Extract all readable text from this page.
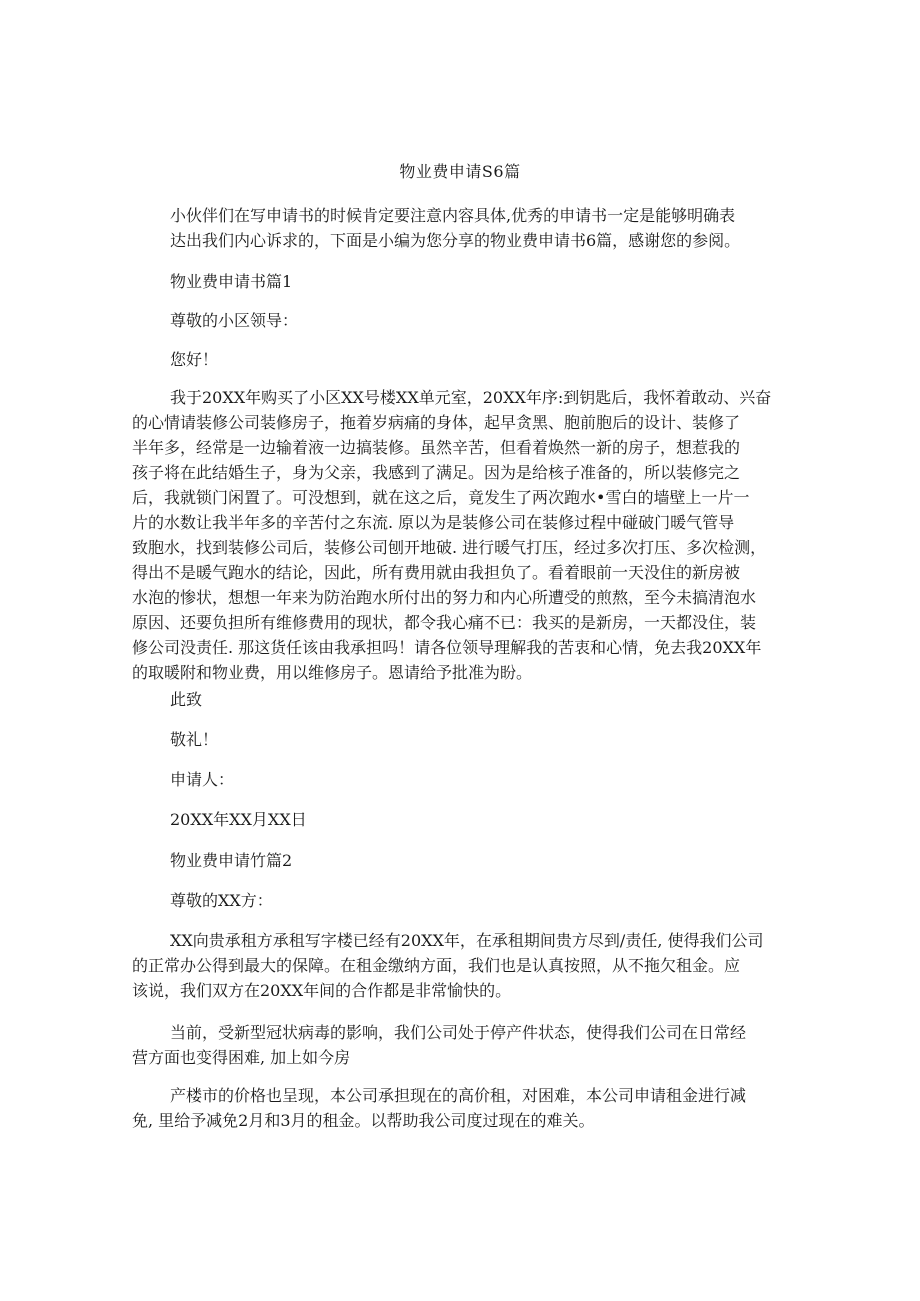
物业费申请S6篇
小伙伴们在写申请书的时候肯定要注意内容具体,优秀的申请书一定是能够明确表
达出我们内心诉求的，下面是小编为您分享的物业费申请书6篇，感谢您的参阅。
物业费申请书篇1
尊敬的小区领导：
您好！
我于20XX年购买了小区XX号楼XX单元室，20XX年序:到钥匙后，我怀着敢动、兴奋
的心情请装修公司装修房子，拖着岁病痛的身体，起早贪黑、胞前胞后的设计、装修了
半年多，经常是一边输着液一边搞装修。虽然辛苦，但看着焕然一新的房子，想惹我的
孩子将在此结婚生子，身为父亲，我感到了满足。因为是给核子准备的，所以装修完之
后，我就锁门闲置了。可没想到，就在这之后，竟发生了两次跑水•雪白的墙壁上一片一
片的水数让我半年多的辛苦付之东流. 原以为是装修公司在装修过程中碰破门暖气管导
致胞水，找到装修公司后，装修公司刨开地破. 进行暖气打压，经过多次打压、多次检测，
得出不是暖气跑水的结论，因此，所有费用就由我担负了。看着眼前一天没住的新房被
水泡的惨状，想想一年来为防治跑水所付出的努力和内心所遭受的煎熬，至今未搞清泡水
原因、还要负担所有维修费用的现状，都令我心痛不已：我买的是新房，一天都没住，装
修公司没责任. 那这货任该由我承担吗！请各位领导理解我的苦衷和心情，免去我20XX年
的取暖附和物业费，用以维修房子。恩请给予批准为盼。
此致
敬礼！
申请人：
20XX年XX月XX日
物业费申请竹篇2
尊敬的XX方：
XX向贵承租方承租写字楼已经有20XX年，在承租期间贵方尽到/责任, 使得我们公司
的正常办公得到最大的保障。在租金缴纳方面，我们也是认真按照，从不拖欠租金。应
该说，我们双方在20XX年间的合作都是非常愉快的。
当前，受新型冠状病毒的影响，我们公司处于停产件状态，使得我们公司在日常经
营方面也变得困难, 加上如今房
产楼市的价格也呈现，本公司承担现在的高价租，对困难，本公司申请租金进行减
免, 里给予减免2月和3月的租金。以帮助我公司度过现在的难关。
